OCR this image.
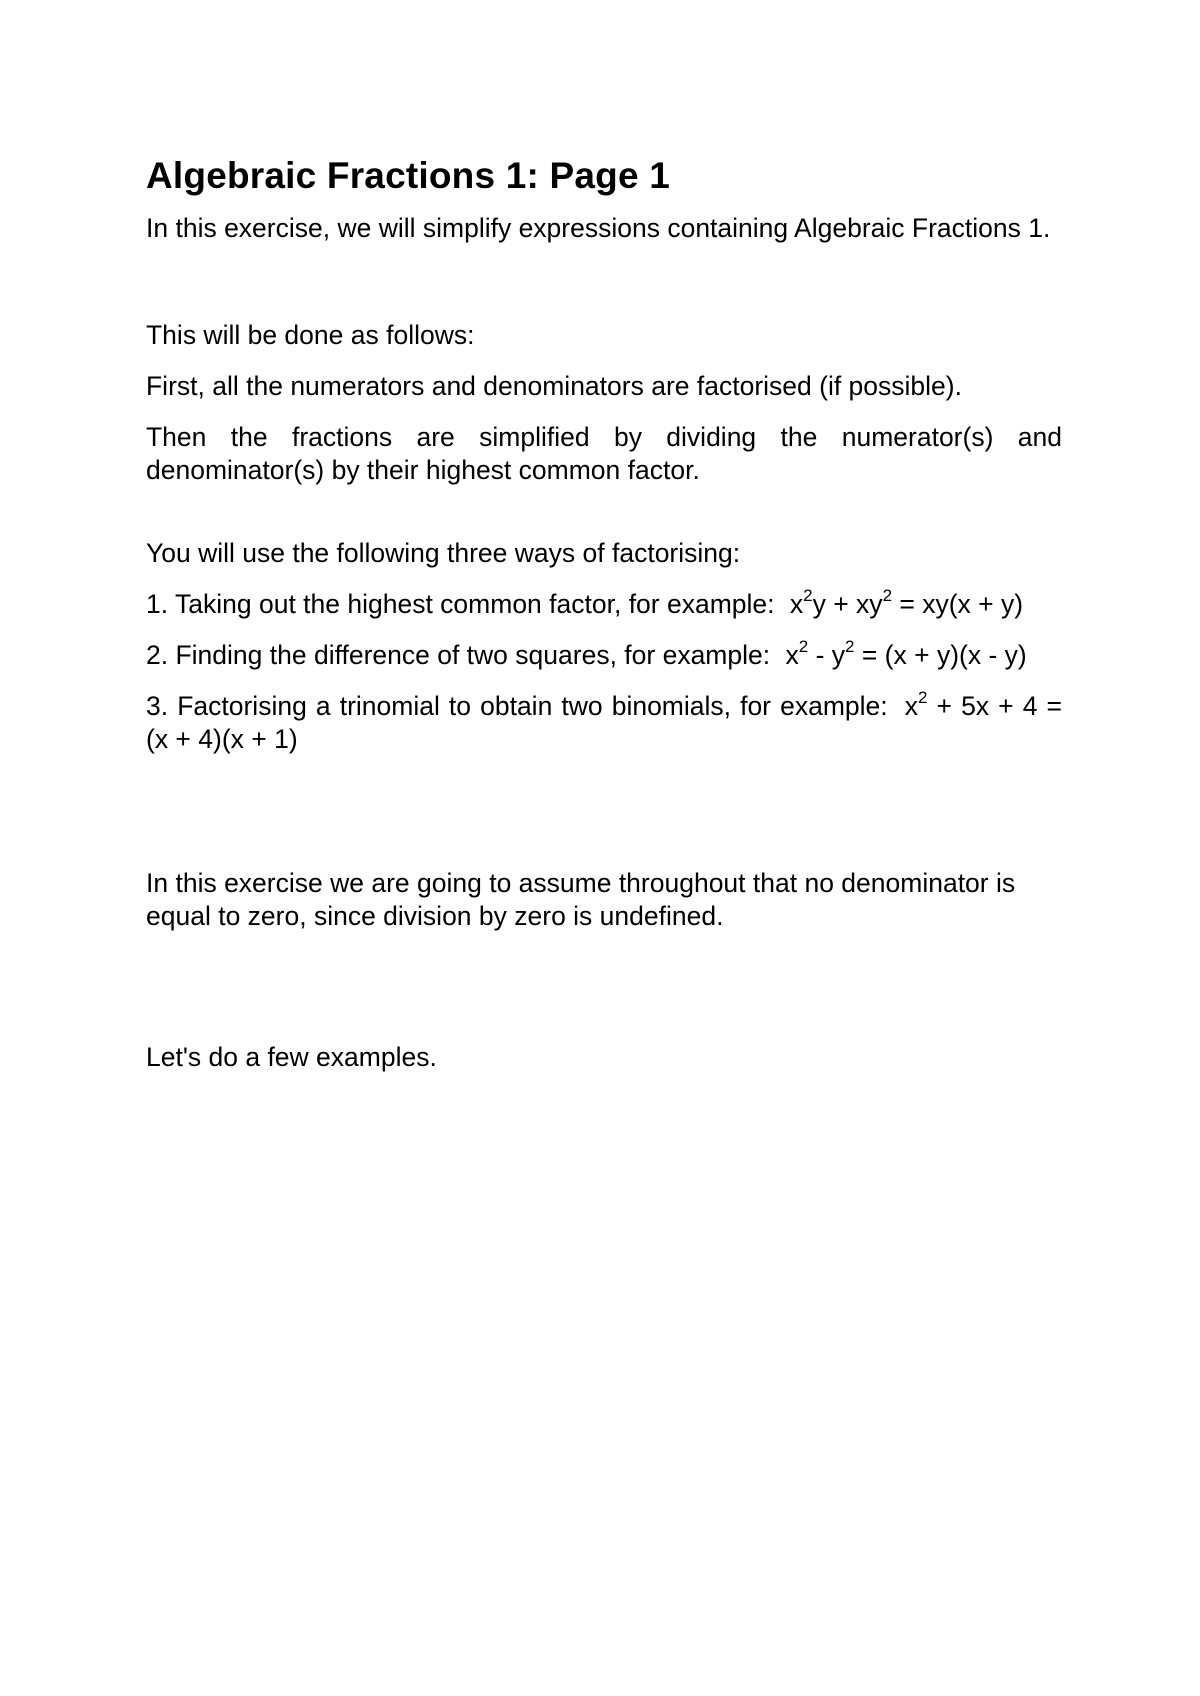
Algebraic Fractions 1: Page 1

In this exercise, we will simplify expressions containing Algebraic Fractions 1.

This will be done as follows:

First, all the numerators and denominators are factorised (if possible).

Then the fractions are simplified by dividing the numerator(s) and denominator(s) by their highest common factor.

You will use the following three ways of factorising:

1. Taking out the highest common factor, for example: $x^2y + xy^2 = xy(x + y)$

2. Finding the difference of two squares, for example: $x^2 - y^2 = (x + y)(x - y)$

3. Factorising a trinomial to obtain two binomials, for example: $x^2 + 5x + 4 = (x + 4)(x + 1)$

In this exercise we are going to assume throughout that no denominator is equal to zero, since division by zero is undefined.

Let's do a few examples.
